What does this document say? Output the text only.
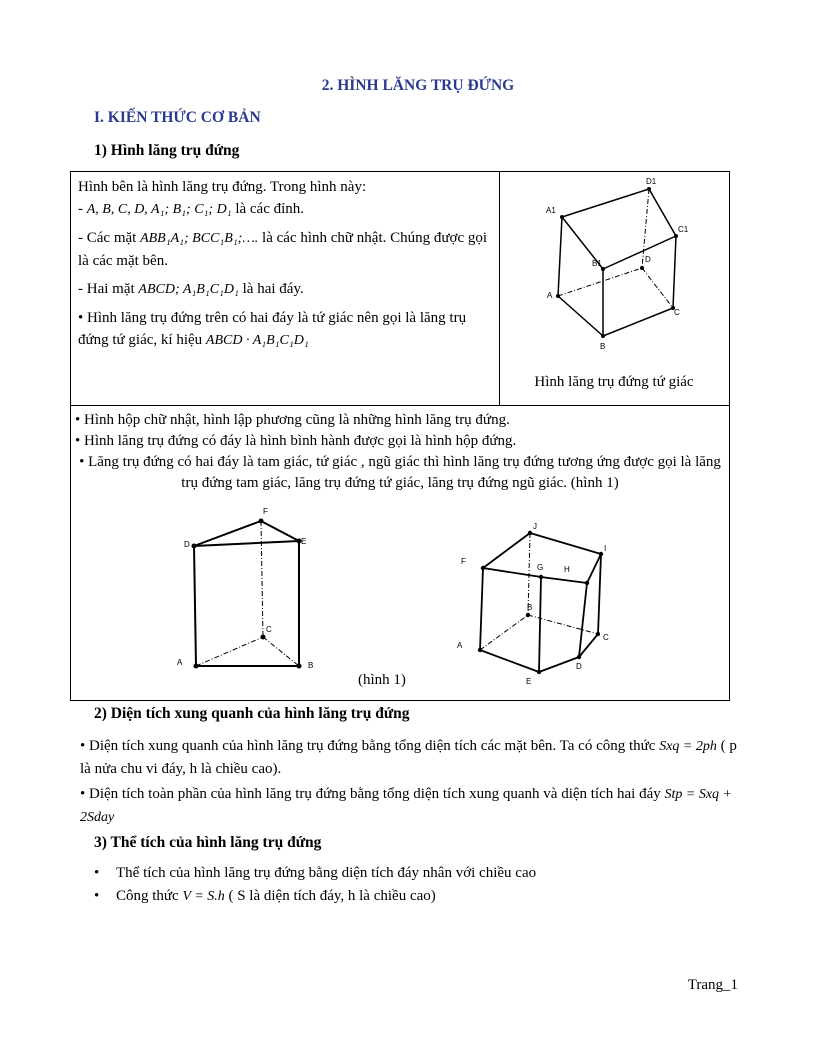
2. HÌNH LĂNG TRỤ ĐỨNG
I. KIẾN THỨC CƠ BẢN
1) Hình lăng trụ đứng

Hình bên là hình lăng trụ đứng. Trong hình này:

- A, B, C, D, A₁; B₁; C₁; D₁ là các đỉnh.

- Các mặt ABB₁A₁; BCC₁B₁;…. là các hình chữ nhật. Chúng được gọi là các mặt bên.

- Hai mặt ABCD; A₁B₁C₁D₁ là hai đáy.

• Hình lăng trụ đứng trên có hai đáy là tứ giác nên gọi là lăng trụ đứng tứ giác, kí hiệu ABCD · A₁B₁C₁D₁

D1
A1
C1
B1	D
A
C
B
Hình lăng trụ đứng tứ giác
• Hình hộp chữ nhật, hình lập phương cũng là những hình lăng trụ đứng.
• Hình lăng trụ đứng có đáy là hình bình hành được gọi là hình hộp đứng.
• Lăng trụ đứng có hai đáy là tam giác, tứ giác , ngũ giác thì hình lăng trụ đứng tương ứng được gọi là lăng trụ đứng tam giác, lăng trụ đứng tứ giác, lăng trụ đứng ngũ giác. (hình 1)
F
D	E
C
A	B
J
I
F
H
G
B
C
A
D
E
(hình 1)
2) Diện tích xung quanh của hình lăng trụ đứng
• Diện tích xung quanh của hình lăng trụ đứng bằng tổng diện tích các mặt bên. Ta có công thức Sxq = 2ph ( p là nửa chu vi đáy, h là chiều cao).
• Diện tích toàn phần của hình lăng trụ đứng bằng tổng diện tích xung quanh và diện tích hai đáy Stp = Sxq + 2Sday
3) Thể tích của hình lăng trụ đứng
• Thể tích của hình lăng trụ đứng bằng diện tích đáy nhân với chiều cao
• Công thức V = S.h ( S là diện tích đáy, h là chiều cao)
Trang_1
